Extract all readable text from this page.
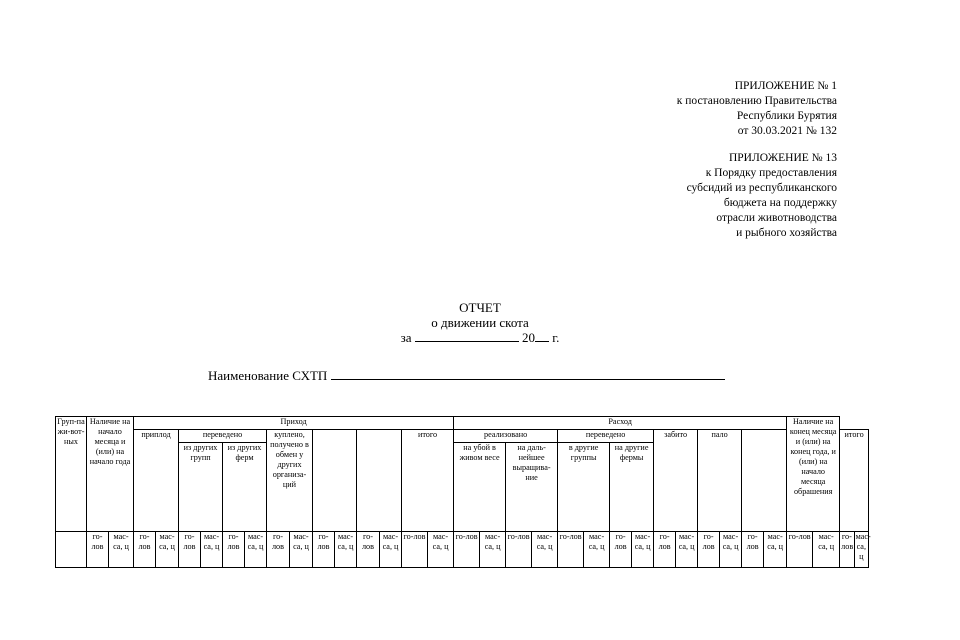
ПРИЛОЖЕНИЕ № 1
к постановлению Правительства
Республики Бурятия
от 30.03.2021 № 132
ПРИЛОЖЕНИЕ № 13
к Порядку предоставления
субсидий из республиканского
бюджета на поддержку
отрасли животноводства
и рыбного хозяйства
ОТЧЕТ
о движении скота
за	20 г.
Наименование СХТП
Груп-па жи-вот-ных	Наличие на начало месяца и (или) на начало года		Приход														Расход														Наличие на конец месяца и (или) на конец года, и (или) на начало месяца обрашения			
			приплод		переведено				куплено, получено в обмен у других организа-ций						итого		реализовано				переведено				забито		пало						итого	
					из других групп		из других ферм										на убой в живом весе		на даль-нейшее выращива-ние		в другие группы		на другие фермы											
	го-лов	мас-са, ц	го-лов	мас-са, ц	го-лов	мас-са, ц	го-лов	мас-са, ц	го-лов	мас-са, ц	го-лов	мас-са, ц	го-лов	мас-са, ц	го-лов	мас-са, ц	го-лов	мас-са, ц	го-лов	мас-са, ц	го-лов	мас-са, ц	го-лов	мас-са, ц	го-лов	мас-са, ц	го-лов	мас-са, ц	го-лов	мас-са, ц	го-лов	мас-са, ц	го-лов	мас-са, ц
